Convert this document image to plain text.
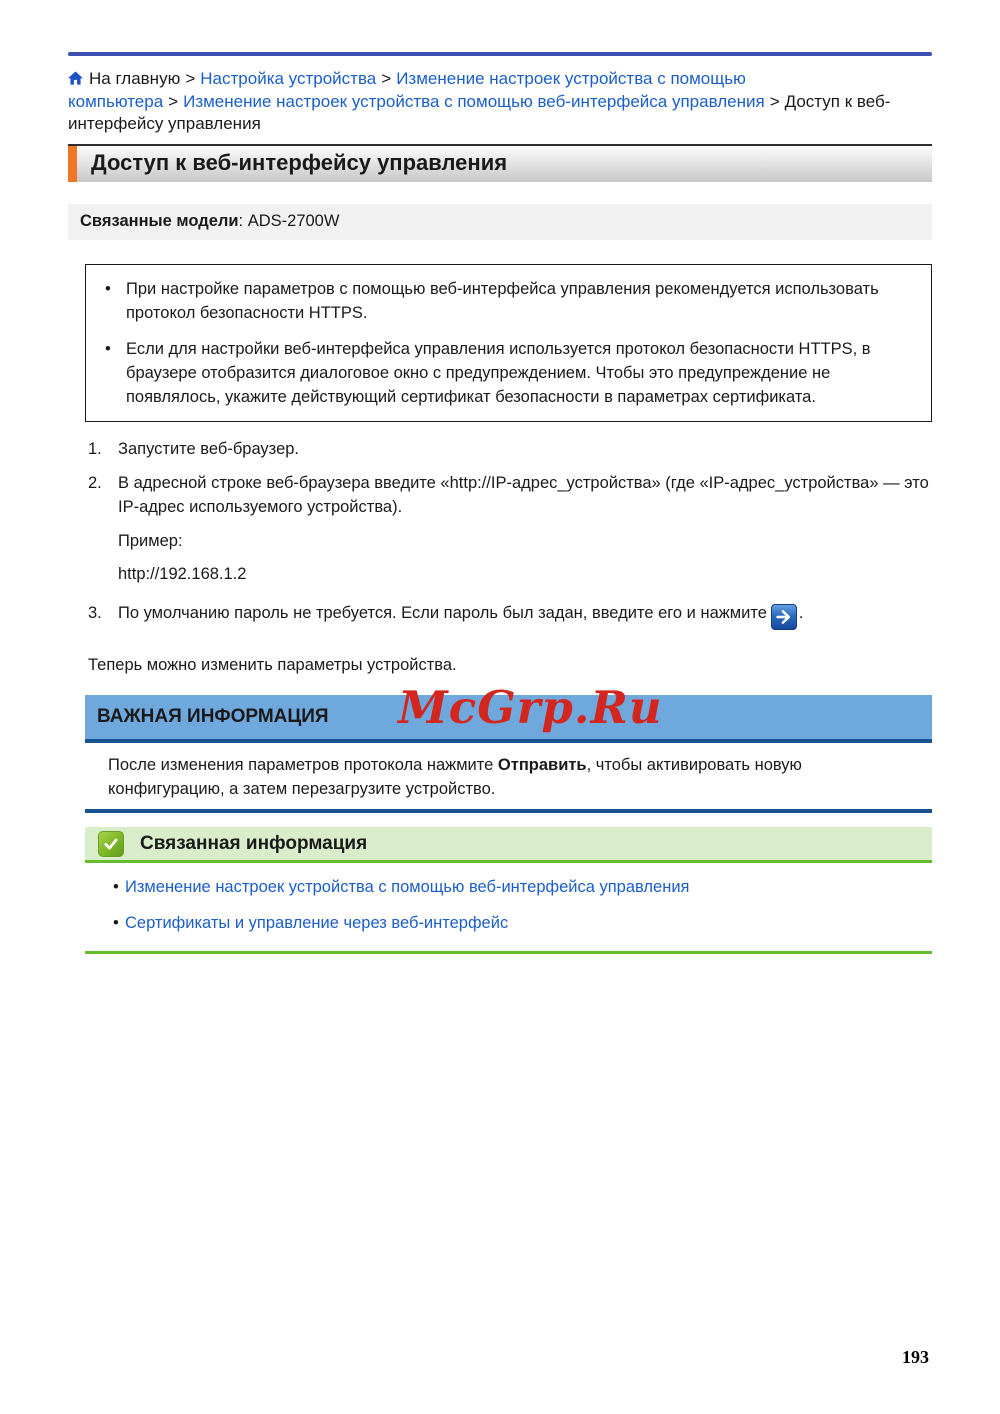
На главную > Настройка устройства > Изменение настроек устройства с помощью компьютера > Изменение настроек устройства с помощью веб-интерфейса управления > Доступ к веб-интерфейсу управления
Доступ к веб-интерфейсу управления
Связанные модели: ADS-2700W
• При настройке параметров с помощью веб-интерфейса управления рекомендуется использовать протокол безопасности HTTPS.
• Если для настройки веб-интерфейса управления используется протокол безопасности HTTPS, в браузере отобразится диалоговое окно с предупреждением. Чтобы это предупреждение не появлялось, укажите действующий сертификат безопасности в параметрах сертификата.
1. Запустите веб-браузер.
2. В адресной строке веб-браузера введите «http://IP-адрес_устройства» (где «IP-адрес_устройства» — это IP-адрес используемого устройства).
Пример:
http://192.168.1.2
3. По умолчанию пароль не требуется. Если пароль был задан, введите его и нажмите .
Теперь можно изменить параметры устройства.
ВАЖНАЯ ИНФОРМАЦИЯ
После изменения параметров протокола нажмите Отправить, чтобы активировать новую конфигурацию, а затем перезагрузите устройство.
Связанная информация
• Изменение настроек устройства с помощью веб-интерфейса управления
• Сертификаты и управление через веб-интерфейс
McGrp.Ru
193
